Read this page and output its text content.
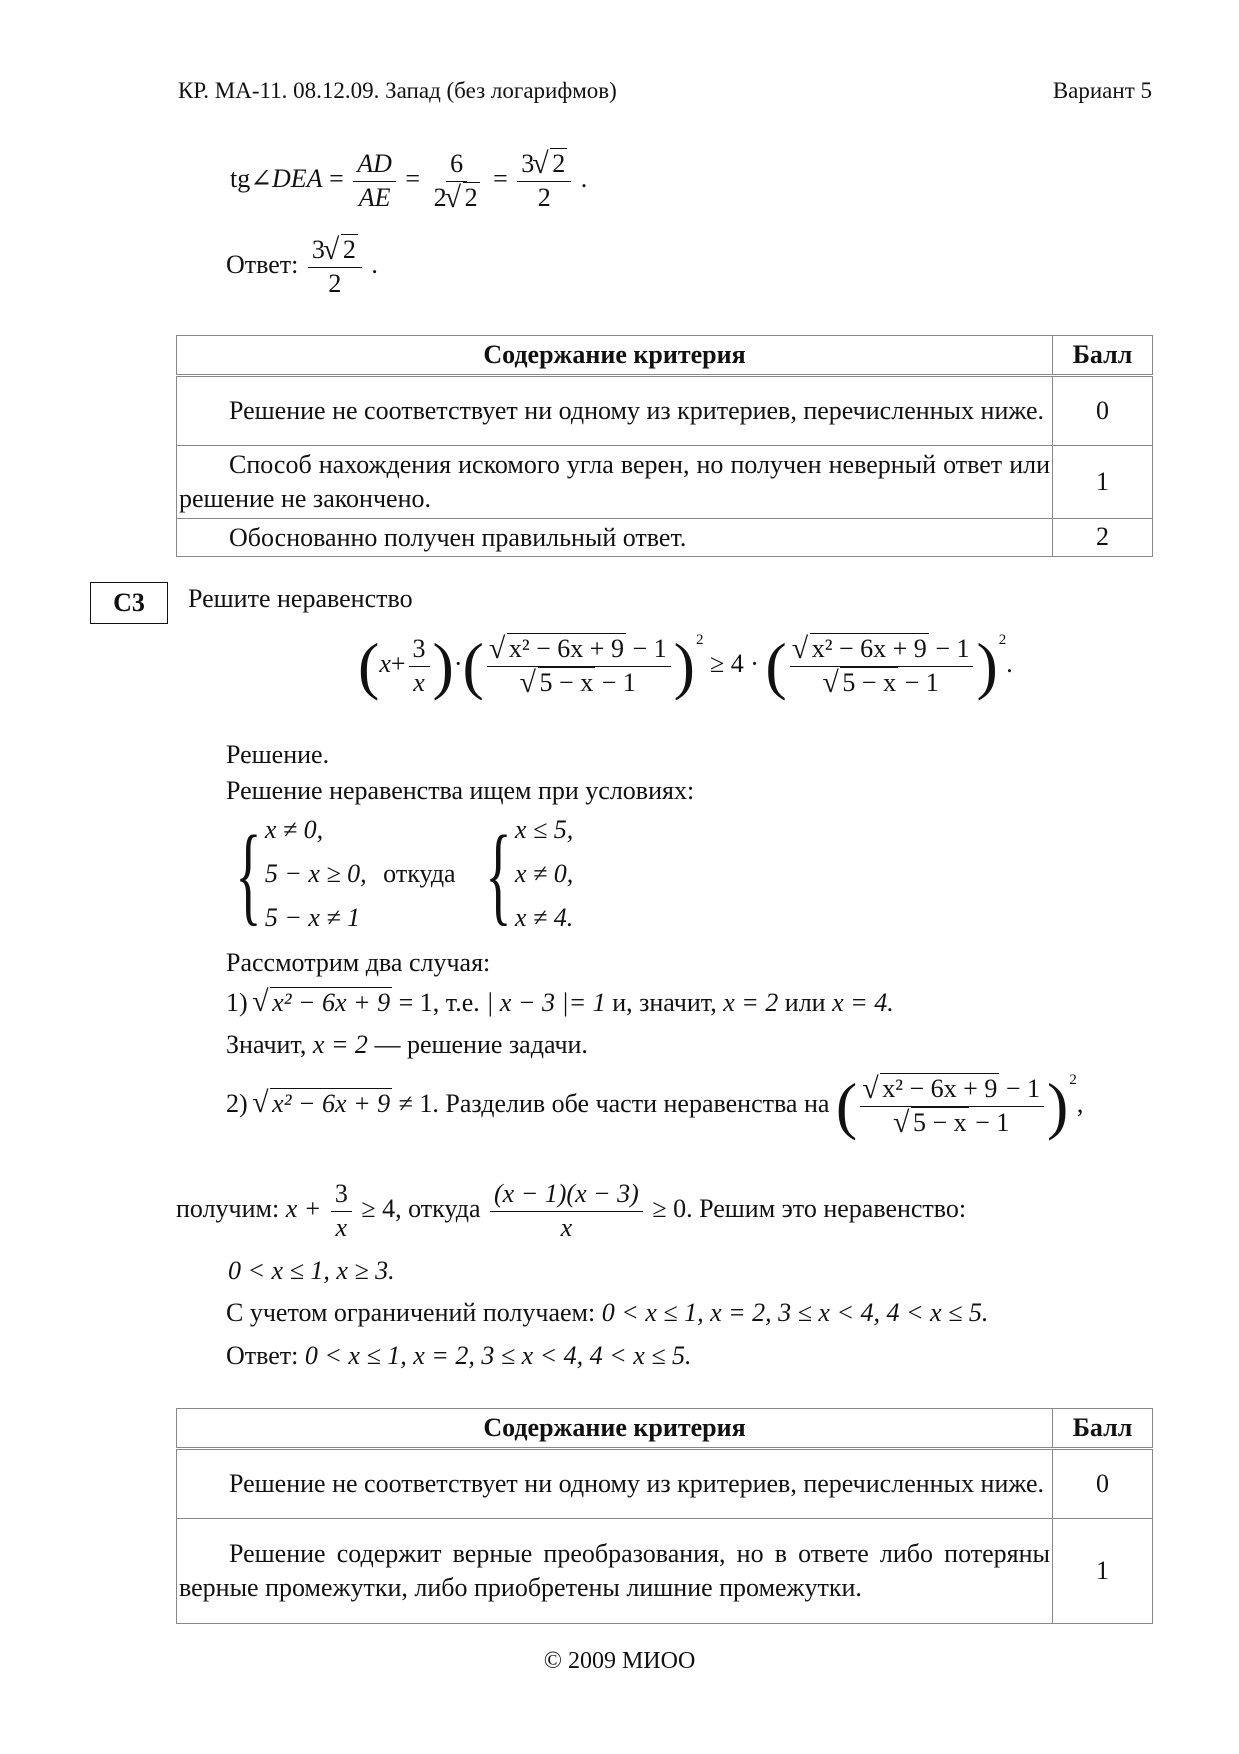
КР. МА-11. 08.12.09. Запад (без логарифмов)	Вариант 5
tg∠DEA = $\frac{AD}{AE} = \frac{6}{2 √ 2} = \frac{3 √ 2}{2}$ .
Ответ: $\frac{3 √ 2}{2}$ .
Содержание критерия	Балл
Решение не соответствует ни одному из критериев, перечисленных ниже.	0
Способ нахождения искомого угла верен, но получен неверный ответ или решение не закончено.	1
Обоснованно получен правильный ответ.	2
С3	Решите неравенство
($x+ \frac{3}{x}$ )·( √ x² − 6x + 9 − 1
√ 5 − x − 1 )$^2$ ≥ 4 · ( √ x² − 6x + 9 − 1
√ 5 − x − 1 )$^2$.
Решение.
Решение неравенства ищем при условиях:
{ x ≠ 0,
5 − x ≥ 0,
5 − x ≠ 1
откуда { x ≤ 5,
x ≠ 0,
x ≠ 4.
Рассмотрим два случая:
1) √ x² − 6x + 9 = 1, т.е. | x − 3 |= 1 и, значит, x = 2 или x = 4.
Значит, x = 2 — решение задачи.
2) √ x² − 6x + 9 ≠ 1. Разделив обе части неравенства на ( √ x² − 6x + 9 − 1
√ 5 − x − 1 )$^2$,
получим: $x + \frac{3}{x} \ge 4$, откуда $\frac{(x - 1)(x - 3)}{x} \ge 0$. Решим это неравенство:
0 < x ≤ 1, x ≥ 3.
С учетом ограничений получаем: 0 < x ≤ 1, x = 2, 3 ≤ x < 4, 4 < x ≤ 5.
Ответ: 0 < x ≤ 1, x = 2, 3 ≤ x < 4, 4 < x ≤ 5.
Содержание критерия	Балл
Решение не соответствует ни одному из критериев, перечисленных ниже.	0
Решение содержит верные преобразования, но в ответе либо потеряны верные промежутки, либо приобретены лишние промежутки.	1
© 2009 МИОО
